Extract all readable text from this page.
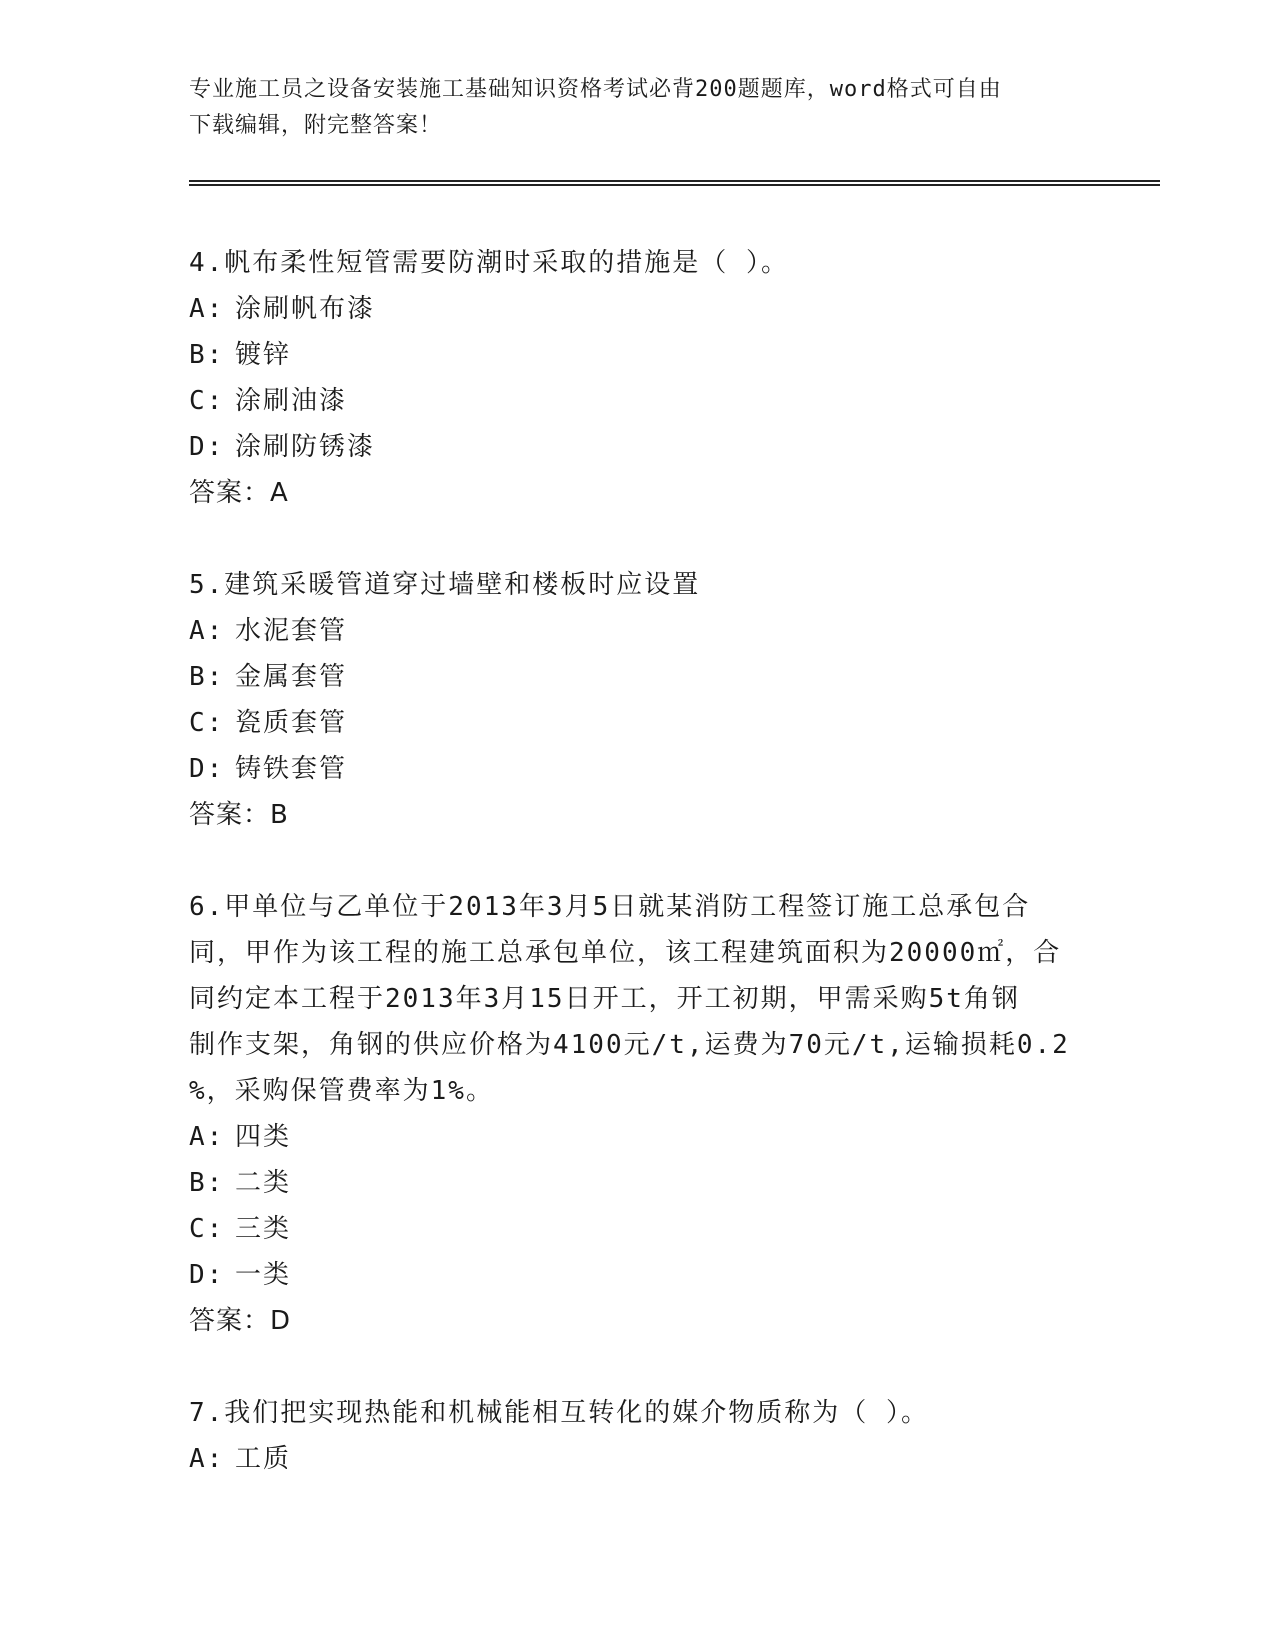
专业施工员之设备安装施工基础知识资格考试必背200题题库，word格式可自由
下载编辑，附完整答案！

4.帆布柔性短管需要防潮时采取的措施是（ ）。

A: 涂刷帆布漆

B: 镀锌

C: 涂刷油漆

D: 涂刷防锈漆

答案：A

5.建筑采暖管道穿过墙壁和楼板时应设置

A: 水泥套管

B: 金属套管

C: 瓷质套管

D: 铸铁套管

答案：B

6.甲单位与乙单位于2013年3月5日就某消防工程签订施工总承包合

同，甲作为该工程的施工总承包单位，该工程建筑面积为20000㎡，合

同约定本工程于2013年3月15日开工，开工初期，甲需采购5t角钢

制作支架，角钢的供应价格为4100元/t,运费为70元/t,运输损耗0.2

%，采购保管费率为1%。

A: 四类

B: 二类

C: 三类

D: 一类

答案：D

7.我们把实现热能和机械能相互转化的媒介物质称为（ ）。

A: 工质
